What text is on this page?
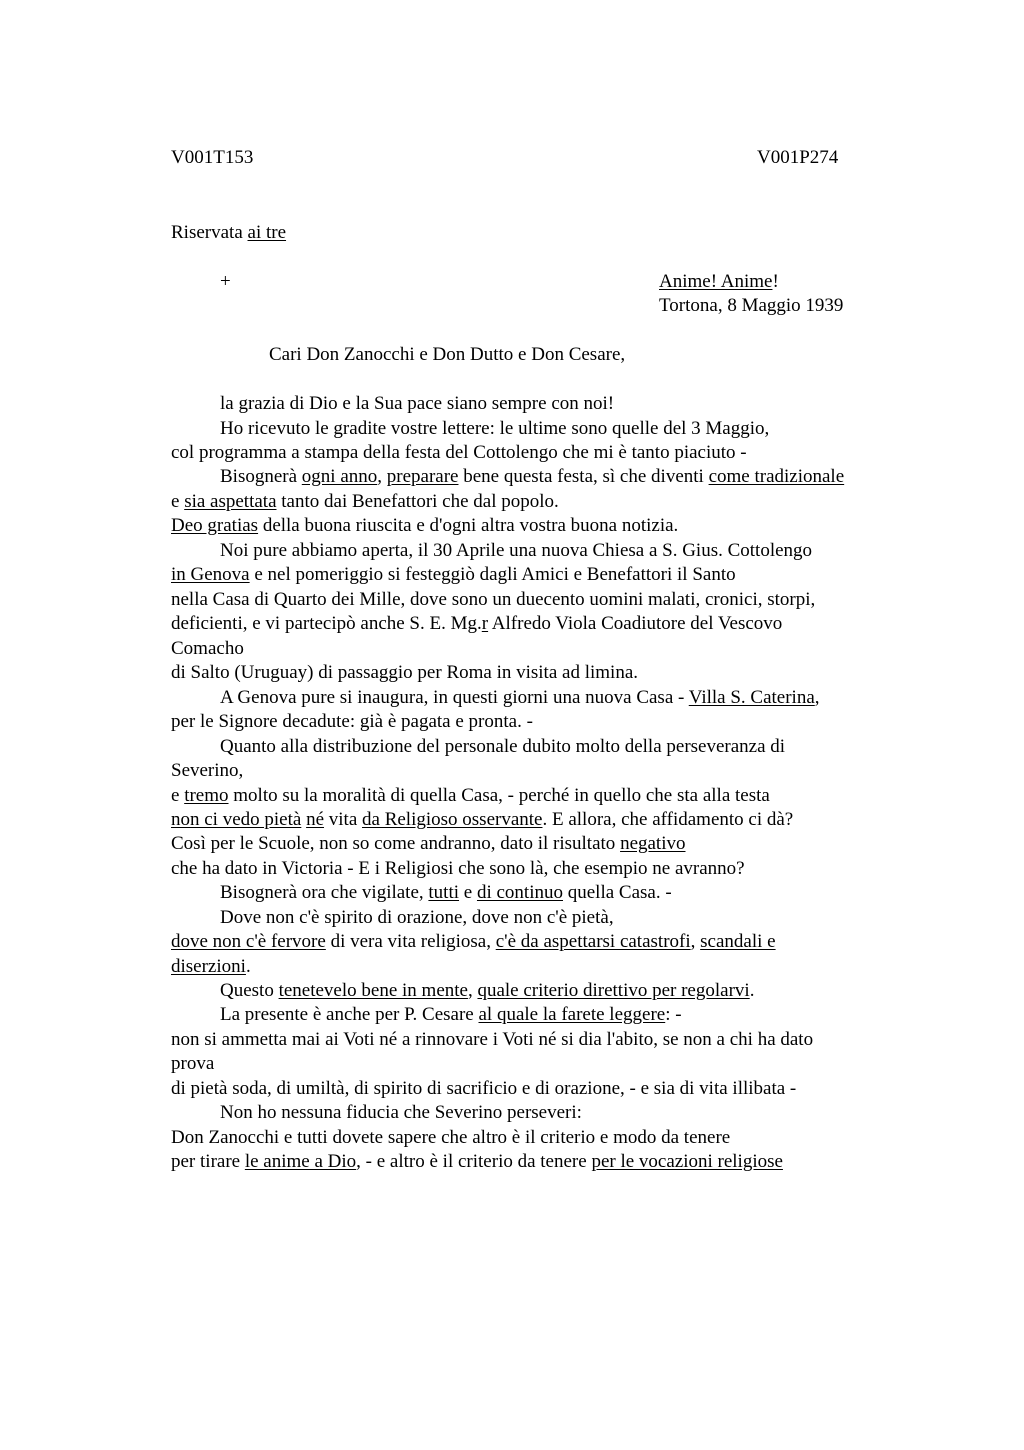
V001T153	V001P274
Riservata ai tre
+	Anime! Anime!
Tortona, 8 Maggio 1939
Cari Don Zanocchi e Don Dutto e Don Cesare,
la grazia di Dio e la Sua pace siano sempre con noi!
Ho ricevuto le gradite vostre lettere: le ultime sono quelle del 3 Maggio,
col programma a stampa della festa del Cottolengo che mi è tanto piaciuto -
Bisognerà ogni anno, preparare bene questa festa, sì che diventi come tradizionale
e sia aspettata tanto dai Benefattori che dal popolo.
Deo gratias della buona riuscita e d'ogni altra vostra buona notizia.
Noi pure abbiamo aperta, il 30 Aprile una nuova Chiesa a S. Gius. Cottolengo
in Genova e nel pomeriggio si festeggiò dagli Amici e Benefattori il Santo
nella Casa di Quarto dei Mille, dove sono un duecento uomini malati, cronici, storpi,
deficienti, e vi partecipò anche S. E. Mg.r Alfredo Viola Coadiutore del Vescovo
Comacho
di Salto (Uruguay) di passaggio per Roma in visita ad limina.
A Genova pure si inaugura, in questi giorni una nuova Casa - Villa S. Caterina,
per le Signore decadute: già è pagata e pronta. -
Quanto alla distribuzione del personale dubito molto della perseveranza di
Severino,
e tremo molto su la moralità di quella Casa, - perché in quello che sta alla testa
non ci vedo pietà né vita da Religioso osservante. E allora, che affidamento ci dà?
Così per le Scuole, non so come andranno, dato il risultato negativo
che ha dato in Victoria - E i Religiosi che sono là, che esempio ne avranno?
Bisognerà ora che vigilate, tutti e di continuo quella Casa. -
Dove non c'è spirito di orazione, dove non c'è pietà,
dove non c'è fervore di vera vita religiosa, c'è da aspettarsi catastrofi, scandali e
diserzioni.
Questo tenetevelo bene in mente, quale criterio direttivo per regolarvi.
La presente è anche per P. Cesare al quale la farete leggere: -
non si ammetta mai ai Voti né a rinnovare i Voti né si dia l'abito, se non a chi ha dato
prova
di pietà soda, di umiltà, di spirito di sacrificio e di orazione, - e sia di vita illibata -
Non ho nessuna fiducia che Severino perseveri:
Don Zanocchi e tutti dovete sapere che altro è il criterio e modo da tenere
per tirare le anime a Dio, - e altro è il criterio da tenere per le vocazioni religiose
